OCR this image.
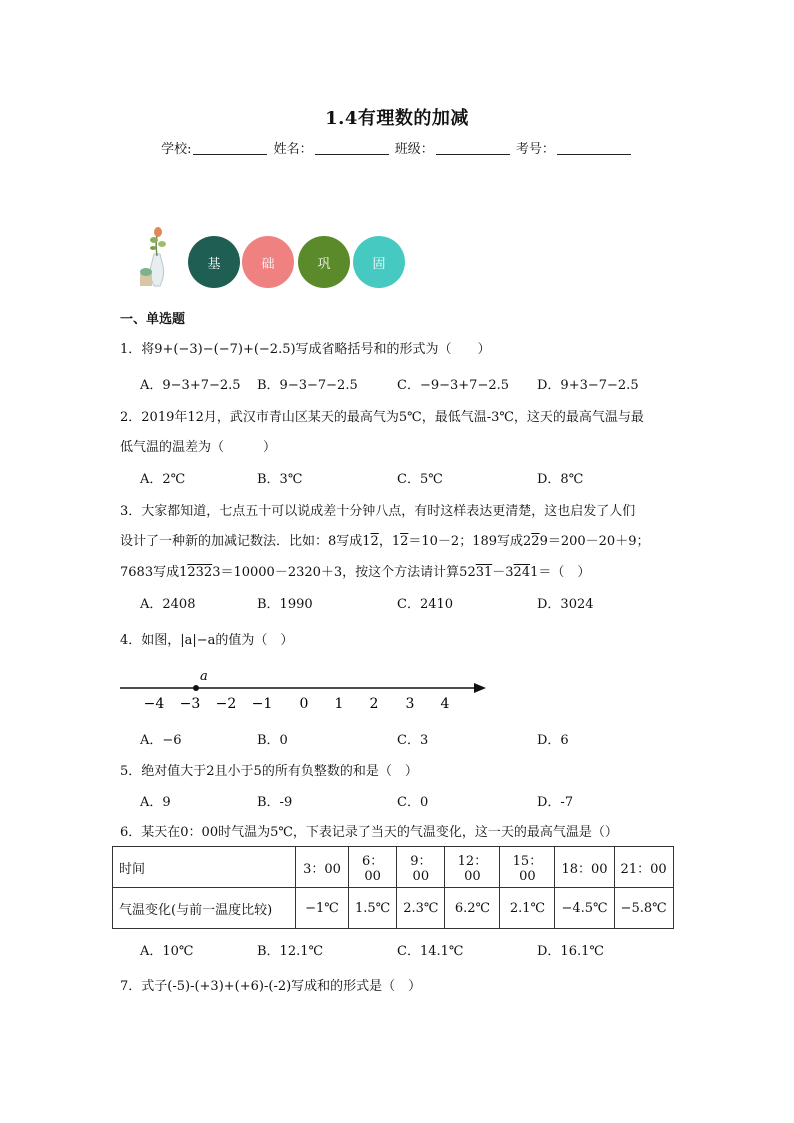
1.4有理数的加减
学校:	姓名：	班级：	考号：
基	础	巩	固
一、单选题
1．将9+(−3)−(−7)+(−2.5)写成省略括号和的形式为（　　）
A．9−3+7−2.5 B．9−3−7−2.5	C．−9−3+7−2.5 D．9+3−7−2.5
2．2019年12月，武汉市青山区某天的最高气为5℃，最低气温-3℃，这天的最高气温与最
低气温的温差为（　　　）
A．2℃	B．3℃	C．5℃	D．8℃
3．大家都知道，七点五十可以说成差十分钟八点，有时这样表达更清楚，这也启发了人们
设计了一种新的加减记数法．比如：8写成12，12＝10－2；189写成229＝200－20＋9；
7683写成12323＝10000－2320＋3，按这个方法请计算5231－3241＝（　）
A．2408	B．1990	C．2410	D．3024
4．如图，|a|−a的值为（　）
a
−4 −3 −2 −1 0 1 2 3 4
A．−6	B．0	C．3	D．6
5．绝对值大于2且小于5的所有负整数的和是（　）
A．9	B．-9	C．0	D．-7
6．某天在0：00时气温为5℃，下表记录了当天的气温变化，这一天的最高气温是（）
时间	3：00	6：00	9：00	12：00	15：00	18：00	21：00
气温变化(与前一温度比较)	−1℃	1.5℃	2.3℃	6.2℃	2.1℃	−4.5℃	−5.8℃
A．10℃	B．12.1℃	C．14.1℃	D．16.1℃
7．式子(-5)-(+3)+(+6)-(-2)写成和的形式是（　）
